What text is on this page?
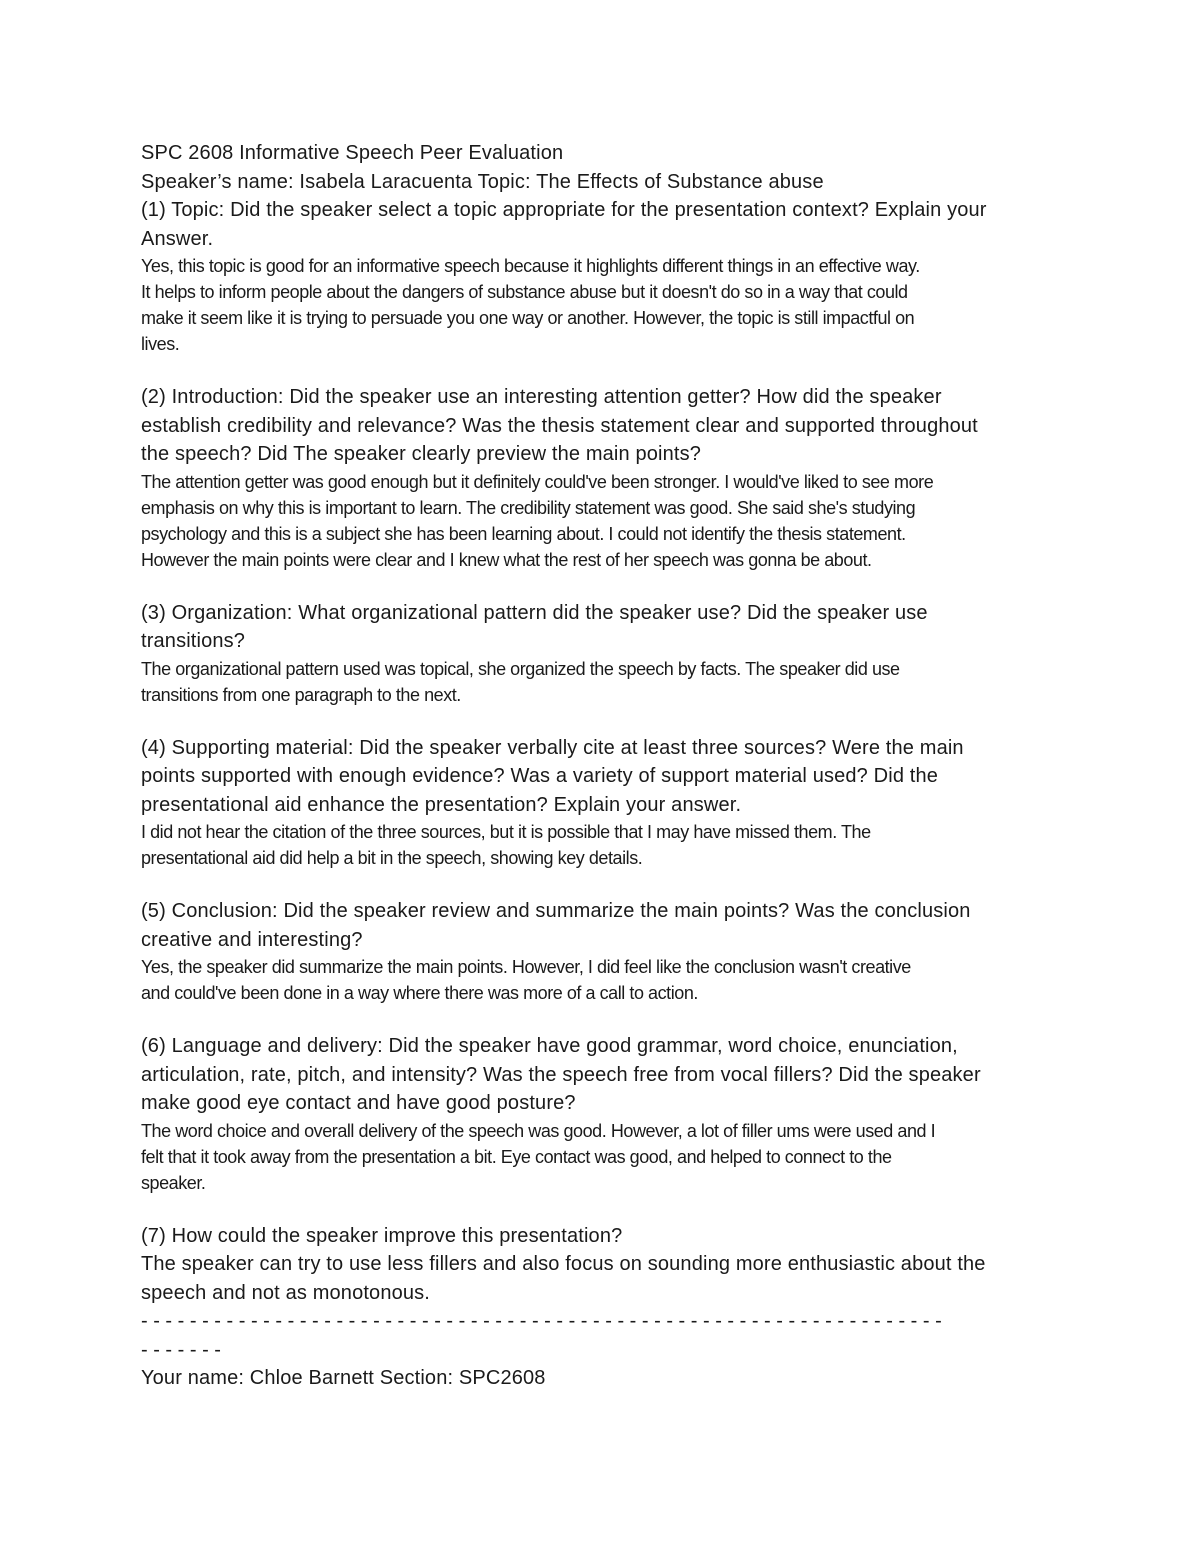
SPC 2608 Informative Speech Peer Evaluation
Speaker’s name: Isabela Laracuenta Topic: The Effects of Substance abuse
(1) Topic: Did the speaker select a topic appropriate for the presentation context? Explain your
Answer.
Yes, this topic is good for an informative speech because it highlights different things in an effective way.
It helps to inform people about the dangers of substance abuse but it doesn't do so in a way that could
make it seem like it is trying to persuade you one way or another. However, the topic is still impactful on
lives.
(2) Introduction: Did the speaker use an interesting attention getter? How did the speaker
establish credibility and relevance? Was the thesis statement clear and supported throughout
the speech? Did The speaker clearly preview the main points?
The attention getter was good enough but it definitely could've been stronger. I would've liked to see more
emphasis on why this is important to learn. The credibility statement was good. She said she's studying
psychology and this is a subject she has been learning about. I could not identify the thesis statement.
However the main points were clear and I knew what the rest of her speech was gonna be about.
(3) Organization: What organizational pattern did the speaker use? Did the speaker use
transitions?
The organizational pattern used was topical, she organized the speech by facts. The speaker did use
transitions from one paragraph to the next.
(4) Supporting material: Did the speaker verbally cite at least three sources? Were the main
points supported with enough evidence? Was a variety of support material used? Did the
presentational aid enhance the presentation? Explain your answer.
I did not hear the citation of the three sources, but it is possible that I may have missed them. The
presentational aid did help a bit in the speech, showing key details.
(5) Conclusion: Did the speaker review and summarize the main points? Was the conclusion
creative and interesting?
Yes, the speaker did summarize the main points. However, I did feel like the conclusion wasn't creative
and could've been done in a way where there was more of a call to action.
(6) Language and delivery: Did the speaker have good grammar, word choice, enunciation,
articulation, rate, pitch, and intensity? Was the speech free from vocal fillers? Did the speaker
make good eye contact and have good posture?
The word choice and overall delivery of the speech was good. However, a lot of filler ums were used and I
felt that it took away from the presentation a bit. Eye contact was good, and helped to connect to the
speaker.
(7) How could the speaker improve this presentation?
The speaker can try to use less fillers and also focus on sounding more enthusiastic about the
speech and not as monotonous.
- - - - - - - - - - - - - - - - - - - - - - - - - - - - - - - - - - - - - - - - - - - - - - - - - - - - - - - - - - - - - - - - - -
- - - - - - -
Your name: Chloe Barnett Section: SPC2608
